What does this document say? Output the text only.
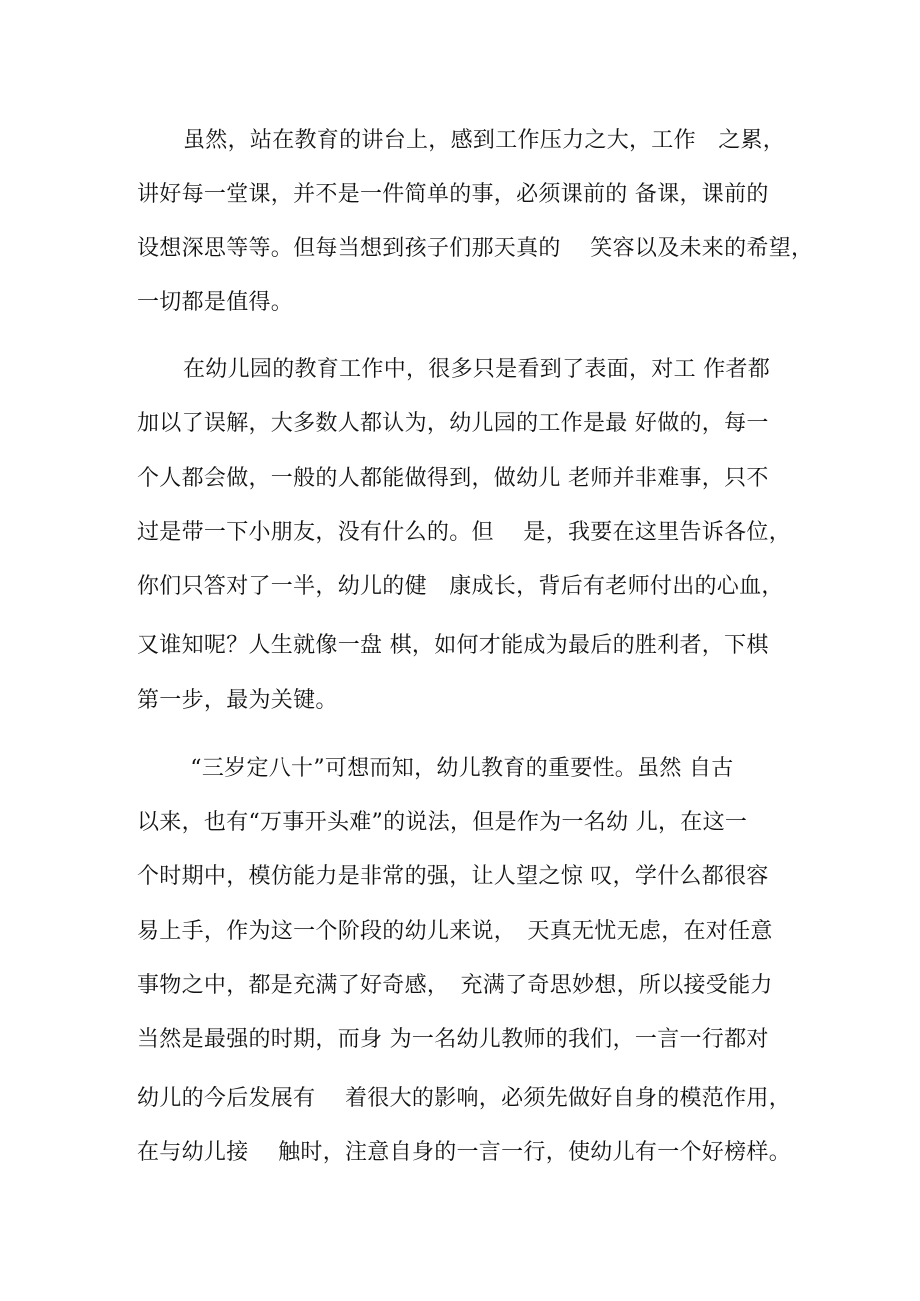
虽然，站在教育的讲台上，感到工作压力之大，工作　之累，
讲好每一堂课，并不是一件简单的事，必须课前的 备课，课前的
设想深思等等。但每当想到孩子们那天真的　 笑容以及未来的希望，
一切都是值得。
在幼儿园的教育工作中，很多只是看到了表面，对工 作者都
加以了误解，大多数人都认为，幼儿园的工作是最 好做的，每一
个人都会做，一般的人都能做得到，做幼儿 老师并非难事，只不
过是带一下小朋友，没有什么的。但　 是，我要在这里告诉各位，
你们只答对了一半，幼儿的健　康成长，背后有老师付出的心血，
又谁知呢？人生就像一盘 棋，如何才能成为最后的胜利者，下棋
第一步，最为关键。
“三岁定八十”可想而知，幼儿教育的重要性。虽然 自古
以来，也有“万事开头难”的说法，但是作为一名幼 儿，在这一
个时期中，模仿能力是非常的强，让人望之惊 叹，学什么都很容
易上手，作为这一个阶段的幼儿来说，　天真无忧无虑，在对任意
事物之中，都是充满了好奇感，　充满了奇思妙想，所以接受能力
当然是最强的时期，而身 为一名幼儿教师的我们，一言一行都对
幼儿的今后发展有　 着很大的影响，必须先做好自身的模范作用，
在与幼儿接　 触时，注意自身的一言一行，使幼儿有一个好榜样。
